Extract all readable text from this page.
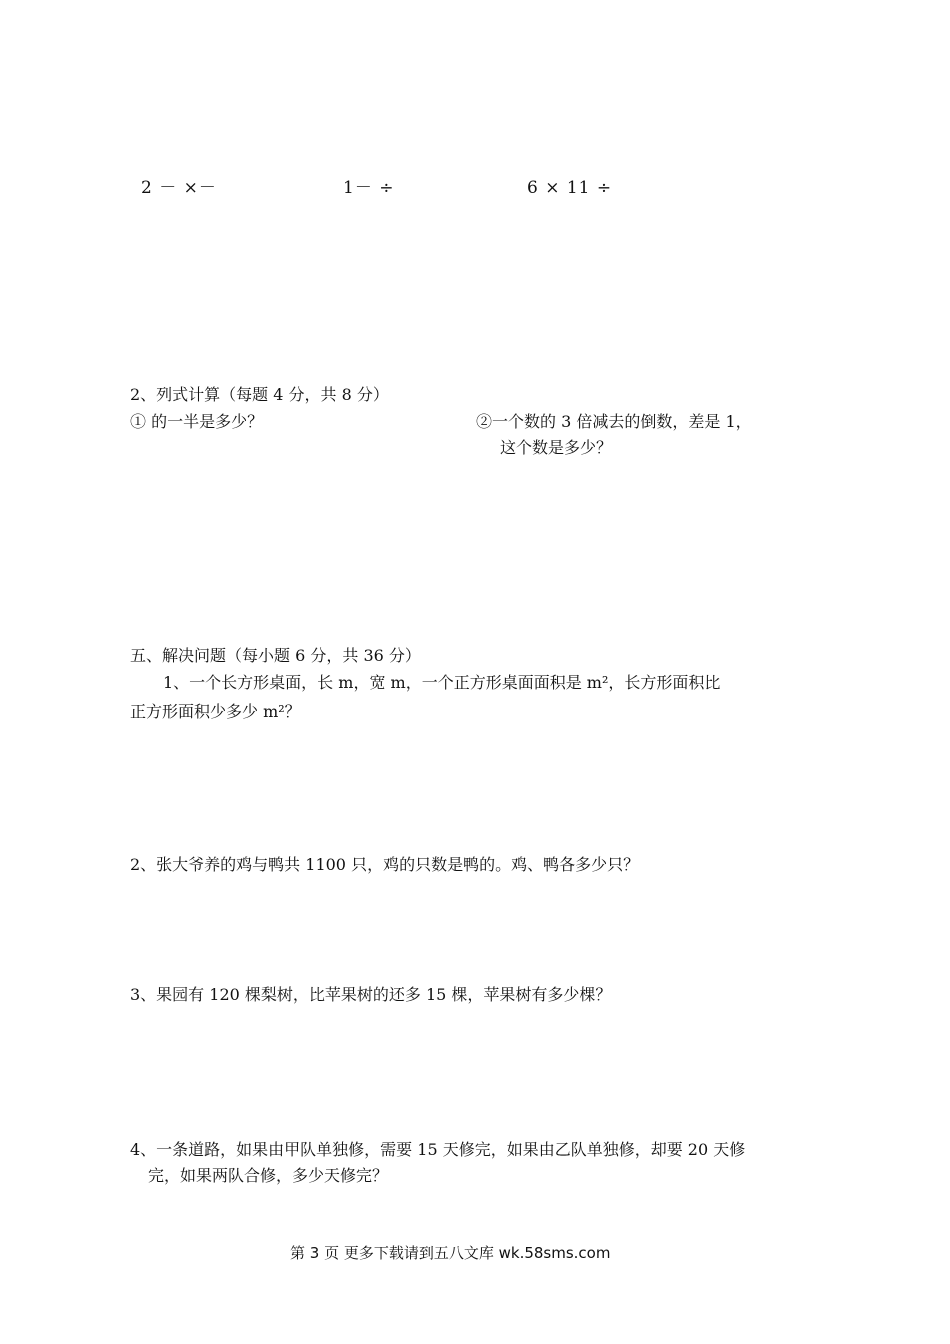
2 － ×－	1－ ÷	6 × 11 ÷
2、列式计算（每题 4 分，共 8 分）
① 的一半是多少？	②一个数的 3 倍减去的倒数，差是 1，
这个数是多少？
五、解决问题（每小题 6 分，共 36 分）
1、一个长方形桌面，长 m，宽 m，一个正方形桌面面积是 m²，长方形面积比
正方形面积少多少 m²？
2、张大爷养的鸡与鸭共 1100 只，鸡的只数是鸭的。鸡、鸭各多少只？
3、果园有 120 棵梨树，比苹果树的还多 15 棵，苹果树有多少棵？
4、一条道路，如果由甲队单独修，需要 15 天修完，如果由乙队单独修，却要 20 天修
完，如果两队合修，多少天修完？
第 3 页 更多下载请到五八文库 wk.58sms.com
